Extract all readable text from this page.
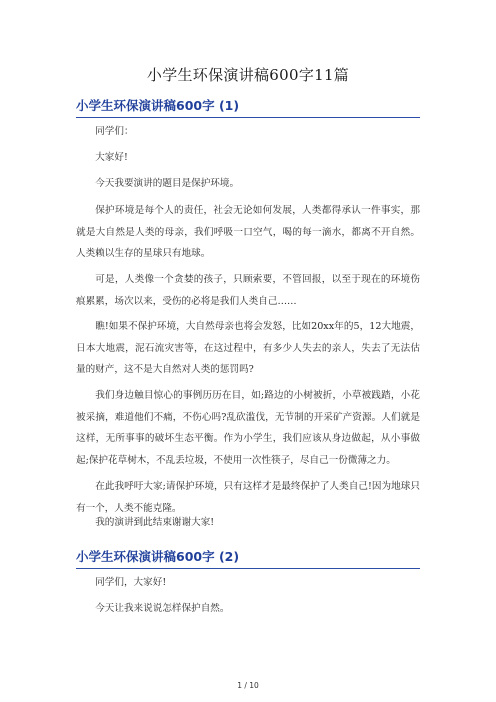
小学生环保演讲稿600字11篇
小学生环保演讲稿600字 (1)

同学们：

大家好!

今天我要演讲的题目是保护环境。

保护环境是每个人的责任，社会无论如何发展，人类都得承认一件事实，那就是大自然是人类的母亲，我们呼吸一口空气，喝的每一滴水，都离不开自然。人类赖以生存的星球只有地球。

可是，人类像一个贪婪的孩子，只顾索要，不管回报，以至于现在的环境伤痕累累，场次以来，受伤的必将是我们人类自己……

瞧!如果不保护环境，大自然母亲也将会发怒，比如20xx年的5，12大地震，日本大地震，泥石流灾害等，在这过程中，有多少人失去的亲人，失去了无法估量的财产，这不是大自然对人类的惩罚吗?

我们身边触目惊心的事例历历在目，如;路边的小树被折，小草被践踏，小花被采摘，难道他们不痛，不伤心吗?乱砍滥伐，无节制的开采矿产资源。人们就是这样，无所事事的破坏生态平衡。作为小学生，我们应该从身边做起，从小事做起;保护花草树木，不乱丢垃圾，不使用一次性筷子，尽自己一份微薄之力。

在此我呼吁大家;请保护环境，只有这样才是最终保护了人类自己!因为地球只有一个，人类不能克隆。

我的演讲到此结束谢谢大家!

小学生环保演讲稿600字 (2)

同学们，大家好!

今天让我来说说怎样保护自然。

1 / 10
